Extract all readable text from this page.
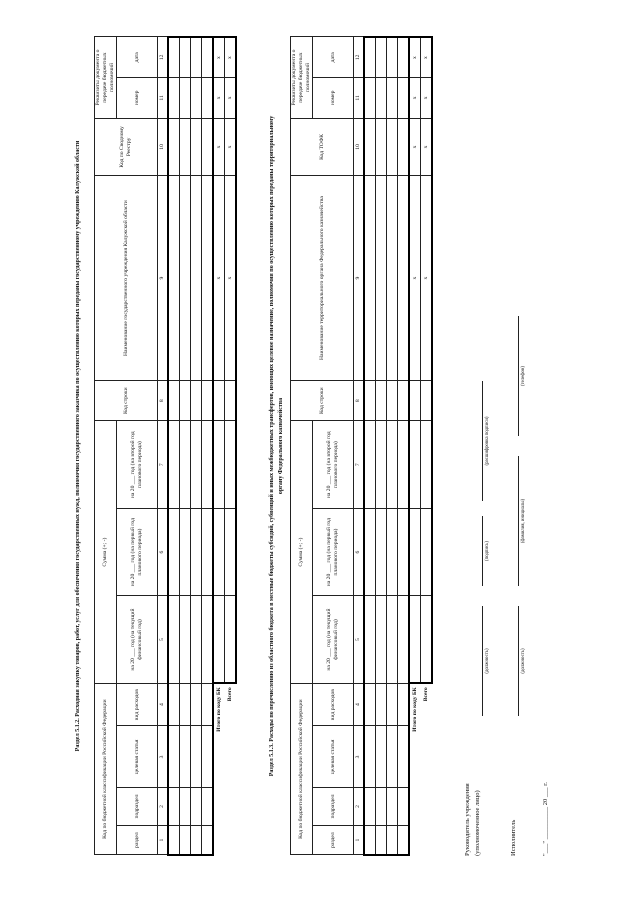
Раздел 5.1.2. Расходная закупку товаров, работ, услуг для обеспечения государственных нужд, полномочия государственного заказчика по осуществлению которых переданы государственному учреждению Калужской области

Код по бюджетной классификации Российской Федерации				Сумма (+; -)			Код строки	Наименование государственного учреждения Калужской области	Код по Сводному Реестру	Реквизиты документа о передаче бюджетных полномочий	
раздел	подраздел	целевая статья	вид расходов	на 20 ___ год (на текущий финансовый год)	на 20 ___ год (на первый год планового периода)	на 20 ___ год (на второй год планового периода)				номер	дата

1	2	3	4	5	6	7	8	9	10	11	12

Итого по коду БК								x	x	x	x
Всего								x	x	x	x

Раздел 5.1.3. Расходы по перечислению из областного бюджета в местные бюджеты субсидий, субвенций и иных межбюджетных трансфертов, имеющих целевое назначение, полномочия по осуществлению которых переданы территориальному органу Федерального казначейства

Код по бюджетной классификации Российской Федерации				Сумма (+; -)			Код строки	Наименование территориального органа Федерального казначейства	Код ТОФК	Реквизиты документа о передаче бюджетных полномочий	
раздел	подраздел	целевая статья	вид расходов	на 20 ___ год (на текущий финансовый год)	на 20 ___ год (на первый год планового периода)	на 20 ___ год (на второй год планового периода)				номер	дата

1	2	3	4	5	6	7	8	9	10	11	12

Итого по коду БК								x	x	x	x
Всего								x	x	x	x
Руководитель учреждения (уполномоченное лицо)
(должность)
(подпись)
(расшифровка подписи)
Исполнитель
(должность)
(фамилия, инициалы)
(телефон)
"___" __________ 20 ___ г.
